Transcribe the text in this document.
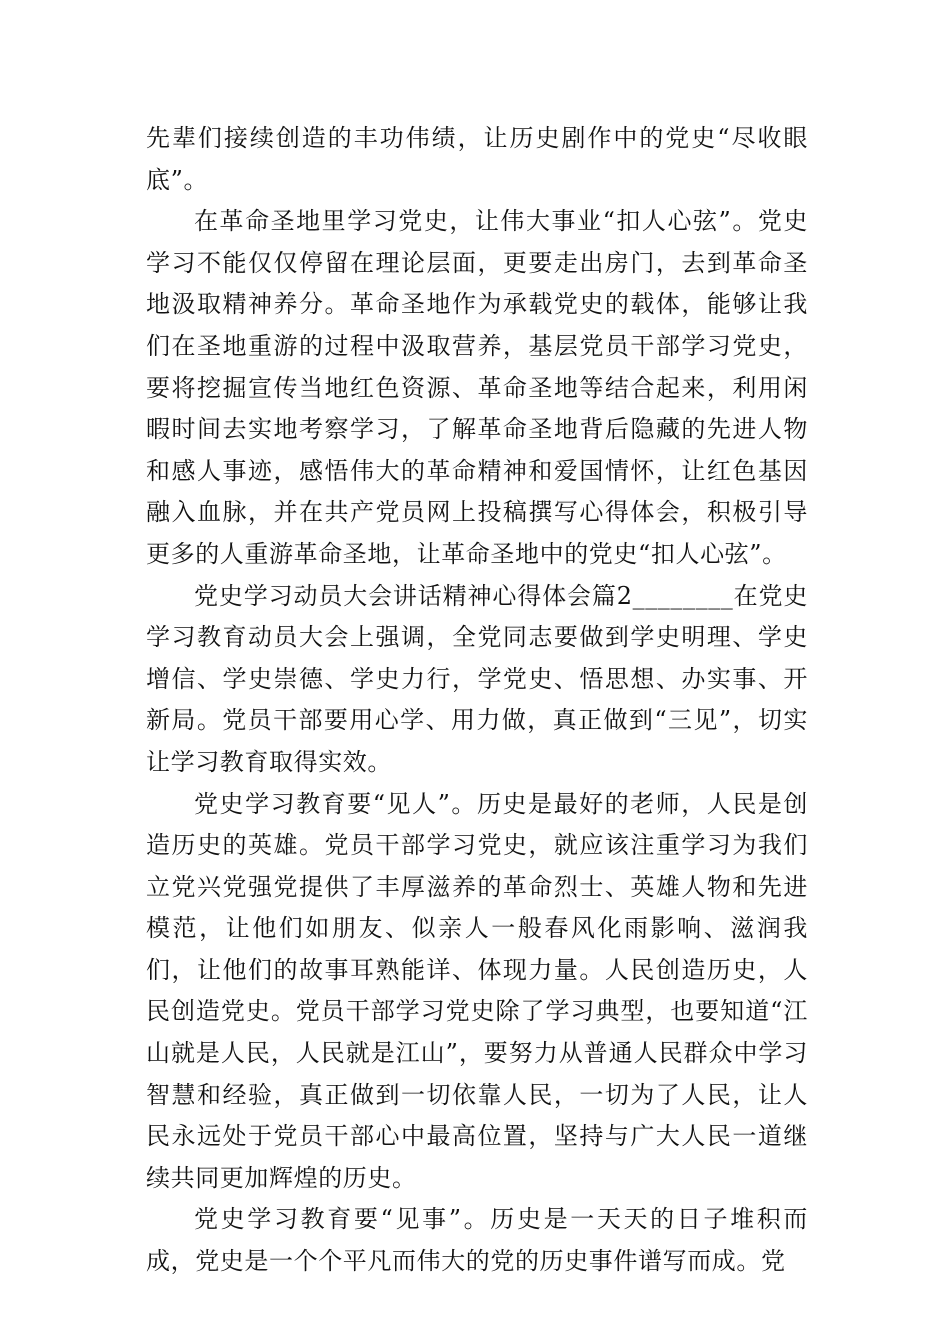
先辈们接续创造的丰功伟绩，让历史剧作中的党史“尽收眼底”。

在革命圣地里学习党史，让伟大事业“扣人心弦”。党史学习不能仅仅停留在理论层面，更要走出房门，去到革命圣地汲取精神养分。革命圣地作为承载党史的载体，能够让我们在圣地重游的过程中汲取营养，基层党员干部学习党史，要将挖掘宣传当地红色资源、革命圣地等结合起来，利用闲暇时间去实地考察学习，了解革命圣地背后隐藏的先进人物和感人事迹，感悟伟大的革命精神和爱国情怀，让红色基因融入血脉，并在共产党员网上投稿撰写心得体会，积极引导更多的人重游革命圣地，让革命圣地中的党史“扣人心弦”。

党史学习动员大会讲话精神心得体会篇2________在党史学习教育动员大会上强调，全党同志要做到学史明理、学史增信、学史崇德、学史力行，学党史、悟思想、办实事、开新局。党员干部要用心学、用力做，真正做到“三见”，切实让学习教育取得实效。

党史学习教育要“见人”。历史是最好的老师，人民是创造历史的英雄。党员干部学习党史，就应该注重学习为我们立党兴党强党提供了丰厚滋养的革命烈士、英雄人物和先进模范，让他们如朋友、似亲人一般春风化雨影响、滋润我们，让他们的故事耳熟能详、体现力量。人民创造历史，人民创造党史。党员干部学习党史除了学习典型，也要知道“江山就是人民，人民就是江山”，要努力从普通人民群众中学习智慧和经验，真正做到一切依靠人民，一切为了人民，让人民永远处于党员干部心中最高位置，坚持与广大人民一道继续共同更加辉煌的历史。

党史学习教育要“见事”。历史是一天天的日子堆积而成，党史是一个个平凡而伟大的党的历史事件谱写而成。党
